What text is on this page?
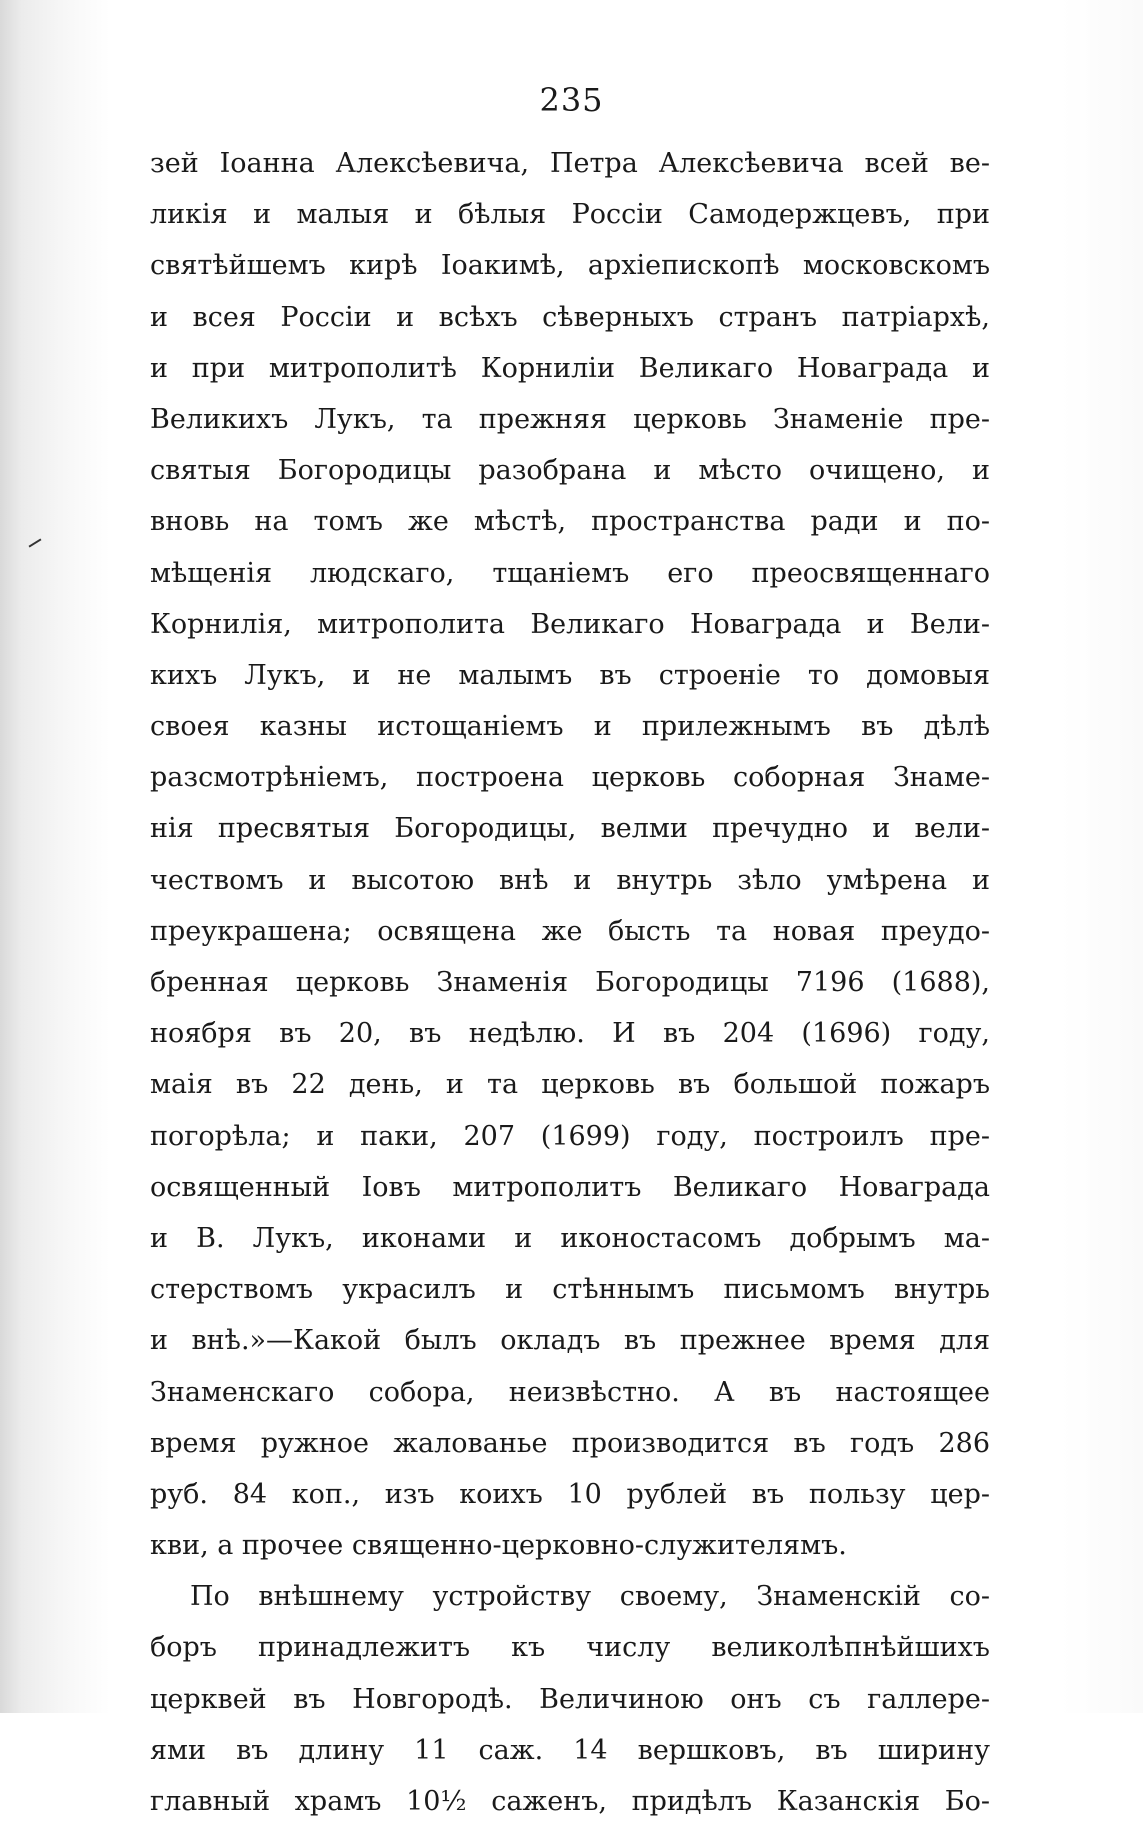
235
зей Іоанна Алексѣевича, Петра Алексѣевича всей ве-
ликія и малыя и бѣлыя Россіи Самодержцевъ, при
святѣйшемъ кирѣ Іоакимѣ, архіепископѣ московскомъ
и всея Россіи и всѣхъ сѣверныхъ странъ патріархѣ,
и при митрополитѣ Корниліи Великаго Новаграда и
Великихъ Лукъ, та прежняя церковь Знаменіе пре-
святыя Богородицы разобрана и мѣсто очищено, и
вновь на томъ же мѣстѣ, пространства ради и по-
мѣщенія людскаго, тщаніемъ его преосвященнаго
Корнилія, митрополита Великаго Новаграда и Вели-
кихъ Лукъ, и не малымъ въ строеніе то домовыя
своея казны истощаніемъ и прилежнымъ въ дѣлѣ
разсмотрѣніемъ, построена церковь соборная Знаме-
нія пресвятыя Богородицы, велми пречудно и вели-
чествомъ и высотою внѣ и внутрь зѣло умѣрена и
преукрашена; освящена же бысть та новая преудо-
бренная церковь Знаменія Богородицы 7196 (1688),
ноября въ 20, въ недѣлю. И въ 204 (1696) году,
маія въ 22 день, и та церковь въ большой пожаръ
погорѣла; и паки, 207 (1699) году, построилъ пре-
освященный Іовъ митрополитъ Великаго Новаграда
и В. Лукъ, иконами и иконостасомъ добрымъ ма-
стерствомъ украсилъ и стѣннымъ письмомъ внутрь
и внѣ.»—Какой былъ окладъ въ прежнее время для
Знаменскаго собора, неизвѣстно. А въ настоящее
время ружное жалованье производится въ годъ 286
руб. 84 коп., изъ коихъ 10 рублей въ пользу цер-
кви, а прочее священно-церковно-служителямъ.
По внѣшнему устройству своему, Знаменскій со-
боръ принадлежитъ къ числу великолѣпнѣйшихъ
церквей въ Новгородѣ. Величиною онъ съ галлере-
ями въ длину 11 саж. 14 вершковъ, въ ширину
главный храмъ 10½ саженъ, придѣлъ Казанскія Бо-
